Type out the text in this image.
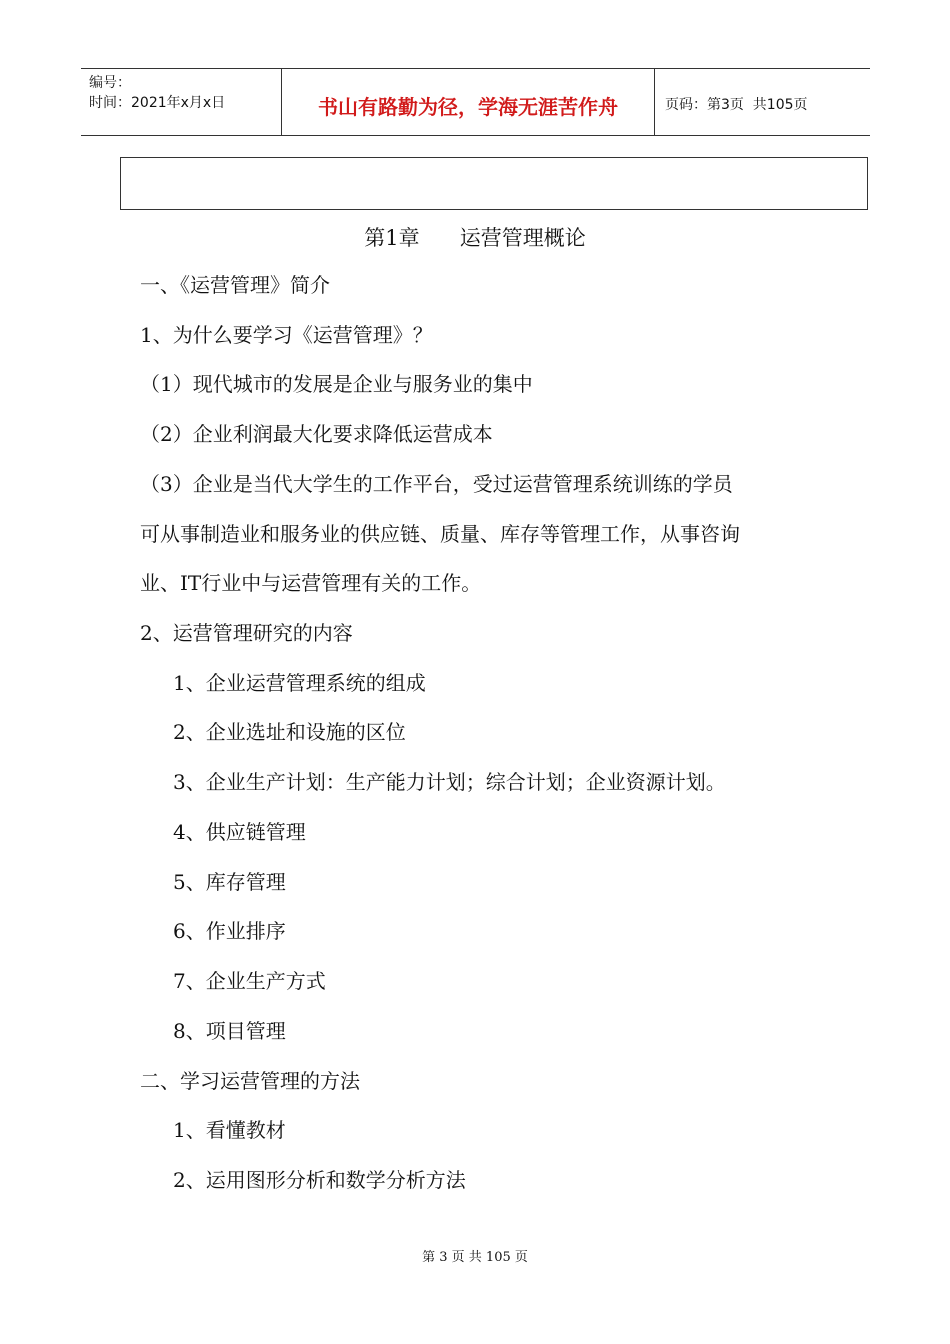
编号：
时间：2021年x月x日	书山有路勤为径，学海无涯苦作舟	页码：第3页  共105页
第1章      运营管理概论
一、《运营管理》简介
1、为什么要学习《运营管理》？
（1）现代城市的发展是企业与服务业的集中
（2）企业利润最大化要求降低运营成本
（3）企业是当代大学生的工作平台，受过运营管理系统训练的学员
可从事制造业和服务业的供应链、质量、库存等管理工作，从事咨询
业、IT行业中与运营管理有关的工作。
2、运营管理研究的内容
1、企业运营管理系统的组成
2、企业选址和设施的区位
3、企业生产计划：生产能力计划；综合计划；企业资源计划。
4、供应链管理
5、库存管理
6、作业排序
7、企业生产方式
8、项目管理
二、学习运营管理的方法
1、看懂教材
2、运用图形分析和数学分析方法
第 3 页 共 105 页
